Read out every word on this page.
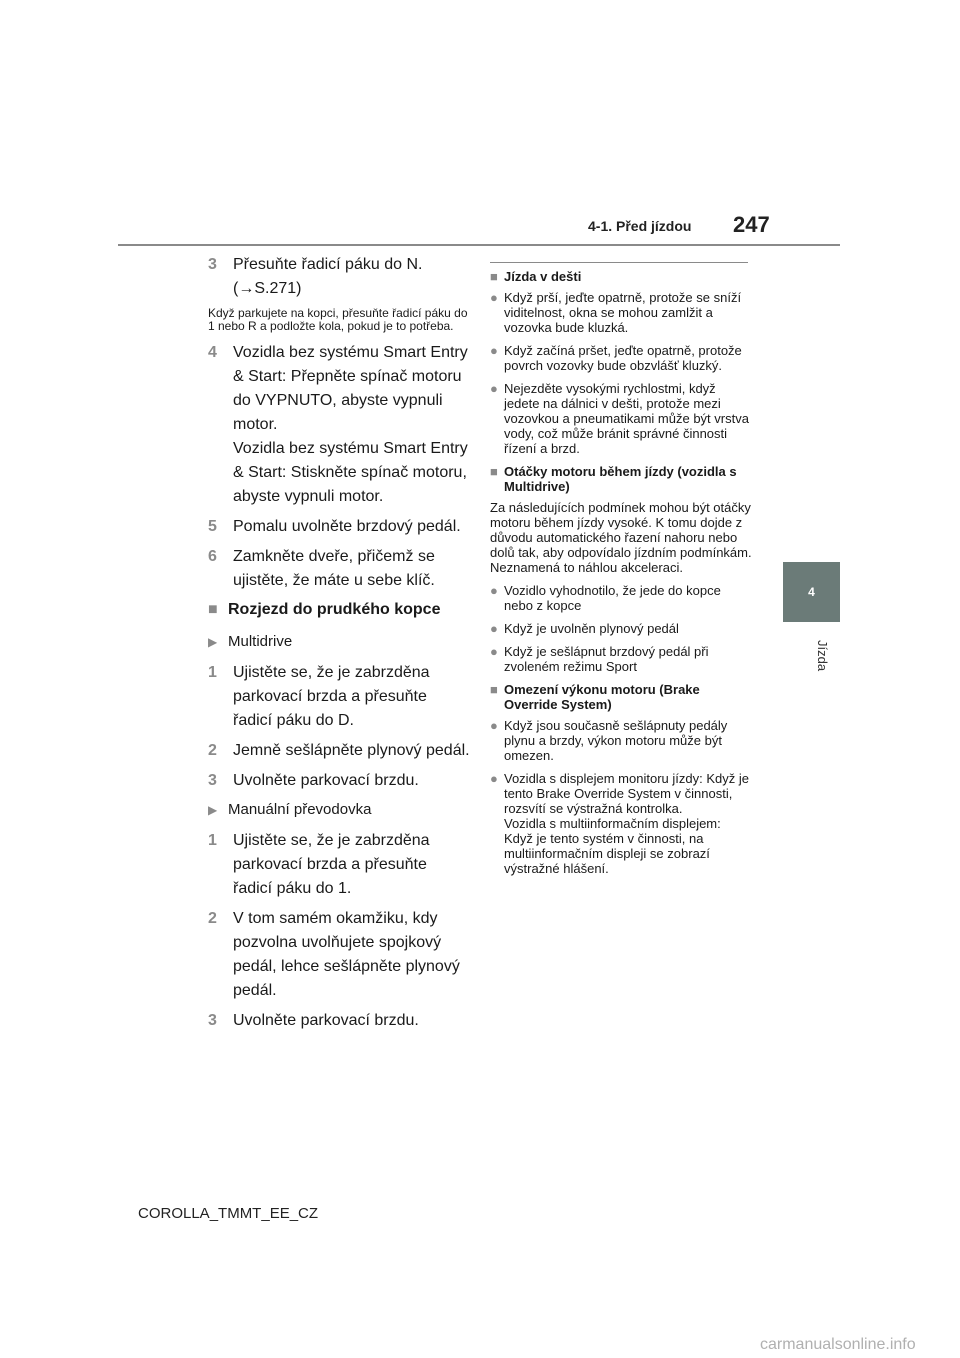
4-1. Před jízdou 247
4
Jízda
3	Přesuňte řadicí páku do N.
(→S.271)
Když parkujete na kopci, přesuňte řadicí páku do 1 nebo R a podložte kola, pokud je to potřeba.
4	Vozidla bez systému Smart Entry & Start: Přepněte spínač motoru do VYPNUTO, abyste vypnuli motor.
Vozidla bez systému Smart Entry & Start: Stiskněte spínač motoru, abyste vypnuli motor.
5	Pomalu uvolněte brzdový pedál.
6	Zamkněte dveře, přičemž se ujistěte, že máte u sebe klíč.
■ Rozjezd do prudkého kopce
▶ Multidrive
1	Ujistěte se, že je zabrzděna parkovací brzda a přesuňte řadicí páku do D.
2	Jemně sešlápněte plynový pedál.
3	Uvolněte parkovací brzdu.
▶ Manuální převodovka
1	Ujistěte se, že je zabrzděna parkovací brzda a přesuňte řadicí páku do 1.
2	V tom samém okamžiku, kdy pozvolna uvolňujete spojkový pedál, lehce sešlápněte plynový pedál.
3	Uvolněte parkovací brzdu.
■ Jízda v dešti
● Když prší, jeďte opatrně, protože se sníží viditelnost, okna se mohou zamlžit a vozovka bude kluzká.
● Když začíná pršet, jeďte opatrně, protože povrch vozovky bude obzvlášť kluzký.
● Nejezděte vysokými rychlostmi, když jedete na dálnici v dešti, protože mezi vozovkou a pneumatikami může být vrstva vody, což může bránit správné činnosti řízení a brzd.
■ Otáčky motoru během jízdy (vozidla s Multidrive)
Za následujících podmínek mohou být otáčky motoru během jízdy vysoké. K tomu dojde z důvodu automatického řazení nahoru nebo dolů tak, aby odpovídalo jízdním podmínkám. Neznamená to náhlou akceleraci.
● Vozidlo vyhodnotilo, že jede do kopce nebo z kopce
● Když je uvolněn plynový pedál
● Když je sešlápnut brzdový pedál při zvoleném režimu Sport
■ Omezení výkonu motoru (Brake Override System)
● Když jsou současně sešlápnuty pedály plynu a brzdy, výkon motoru může být omezen.
● Vozidla s displejem monitoru jízdy: Když je tento Brake Override System v činnosti, rozsvítí se výstražná kontrolka.
Vozidla s multiinformačním displejem: Když je tento systém v činnosti, na multiinformačním displeji se zobrazí výstražné hlášení.
COROLLA_TMMT_EE_CZ
carmanualsonline.info
